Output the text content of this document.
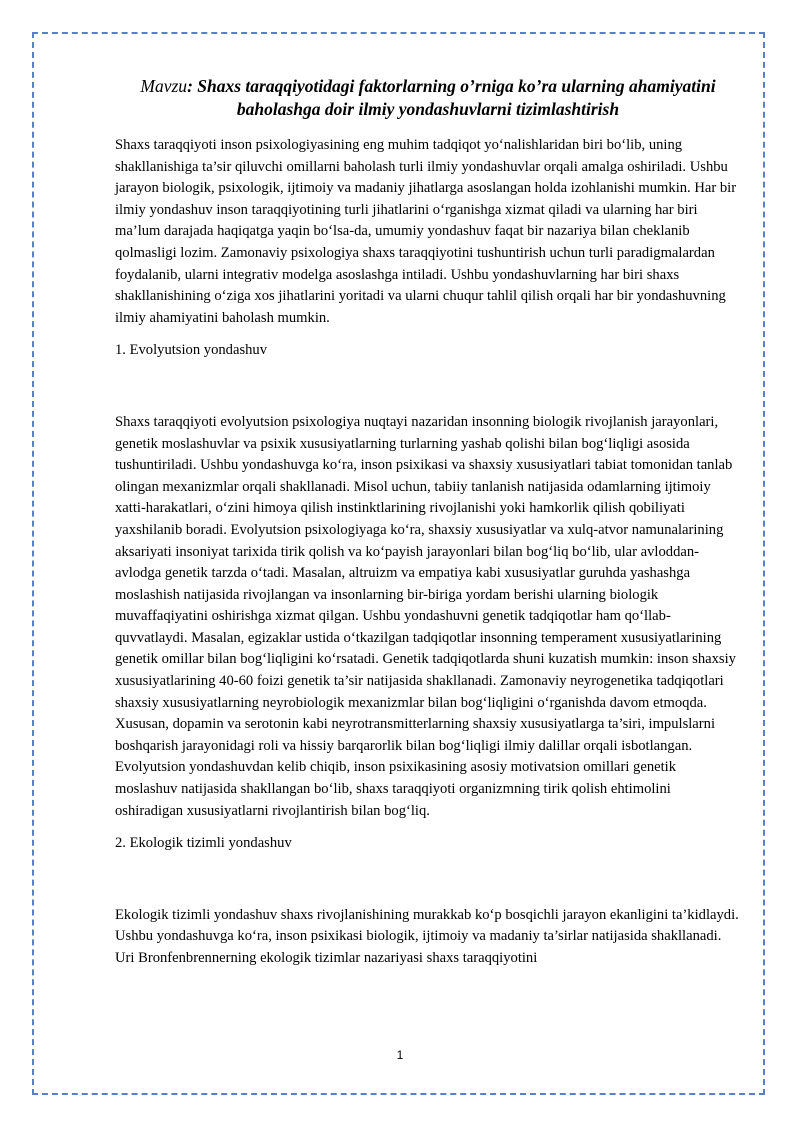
Mavzu: Shaxs taraqqiyotidagi faktorlarning o’rniga ko’ra ularning ahamiyatini baholashga doir ilmiy yondashuvlarni tizimlashtirish

Shaxs taraqqiyoti inson psixologiyasining eng muhim tadqiqot yo‘nalishlaridan biri bo‘lib, uning shakllanishiga ta’sir qiluvchi omillarni baholash turli ilmiy yondashuvlar orqali amalga oshiriladi. Ushbu jarayon biologik, psixologik, ijtimoiy va madaniy jihatlarga asoslangan holda izohlanishi mumkin. Har bir ilmiy yondashuv inson taraqqiyotining turli jihatlarini o‘rganishga xizmat qiladi va ularning har biri ma’lum darajada haqiqatga yaqin bo‘lsa-da, umumiy yondashuv faqat bir nazariya bilan cheklanib qolmasligi lozim. Zamonaviy psixologiya shaxs taraqqiyotini tushuntirish uchun turli paradigmalardan foydalanib, ularni integrativ modelga asoslashga intiladi. Ushbu yondashuvlarning har biri shaxs shakllanishining o‘ziga xos jihatlarini yoritadi va ularni chuqur tahlil qilish orqali har bir yondashuvning ilmiy ahamiyatini baholash mumkin.

1. Evolyutsion yondashuv

Shaxs taraqqiyoti evolyutsion psixologiya nuqtayi nazaridan insonning biologik rivojlanish jarayonlari, genetik moslashuvlar va psixik xususiyatlarning turlarning yashab qolishi bilan bog‘liqligi asosida tushuntiriladi. Ushbu yondashuvga ko‘ra, inson psixikasi va shaxsiy xususiyatlari tabiat tomonidan tanlab olingan mexanizmlar orqali shakllanadi. Misol uchun, tabiiy tanlanish natijasida odamlarning ijtimoiy xatti-harakatlari, o‘zini himoya qilish instinktlarining rivojlanishi yoki hamkorlik qilish qobiliyati yaxshilanib boradi. Evolyutsion psixologiyaga ko‘ra, shaxsiy xususiyatlar va xulq-atvor namunalarining aksariyati insoniyat tarixida tirik qolish va ko‘payish jarayonlari bilan bog‘liq bo‘lib, ular avloddan-avlodga genetik tarzda o‘tadi. Masalan, altruizm va empatiya kabi xususiyatlar guruhda yashashga moslashish natijasida rivojlangan va insonlarning bir-biriga yordam berishi ularning biologik muvaffaqiyatini oshirishga xizmat qilgan. Ushbu yondashuvni genetik tadqiqotlar ham qo‘llab-quvvatlaydi. Masalan, egizaklar ustida o‘tkazilgan tadqiqotlar insonning temperament xususiyatlarining genetik omillar bilan bog‘liqligini ko‘rsatadi. Genetik tadqiqotlarda shuni kuzatish mumkin: inson shaxsiy xususiyatlarining 40-60 foizi genetik ta’sir natijasida shakllanadi. Zamonaviy neyrogenetika tadqiqotlari shaxsiy xususiyatlarning neyrobiologik mexanizmlar bilan bog‘liqligini o‘rganishda davom etmoqda. Xususan, dopamin va serotonin kabi neyrotransmitterlarning shaxsiy xususiyatlarga ta’siri, impulslarni boshqarish jarayonidagi roli va hissiy barqarorlik bilan bog‘liqligi ilmiy dalillar orqali isbotlangan. Evolyutsion yondashuvdan kelib chiqib, inson psixikasining asosiy motivatsion omillari genetik moslashuv natijasida shakllangan bo‘lib, shaxs taraqqiyoti organizmning tirik qolish ehtimolini oshiradigan xususiyatlarni rivojlantirish bilan bog‘liq.

2. Ekologik tizimli yondashuv

Ekologik tizimli yondashuv shaxs rivojlanishining murakkab ko‘p bosqichli jarayon ekanligini ta’kidlaydi. Ushbu yondashuvga ko‘ra, inson psixikasi biologik, ijtimoiy va madaniy ta’sirlar natijasida shakllanadi. Uri Bronfenbrennerning ekologik tizimlar nazariyasi shaxs taraqqiyotini

1
